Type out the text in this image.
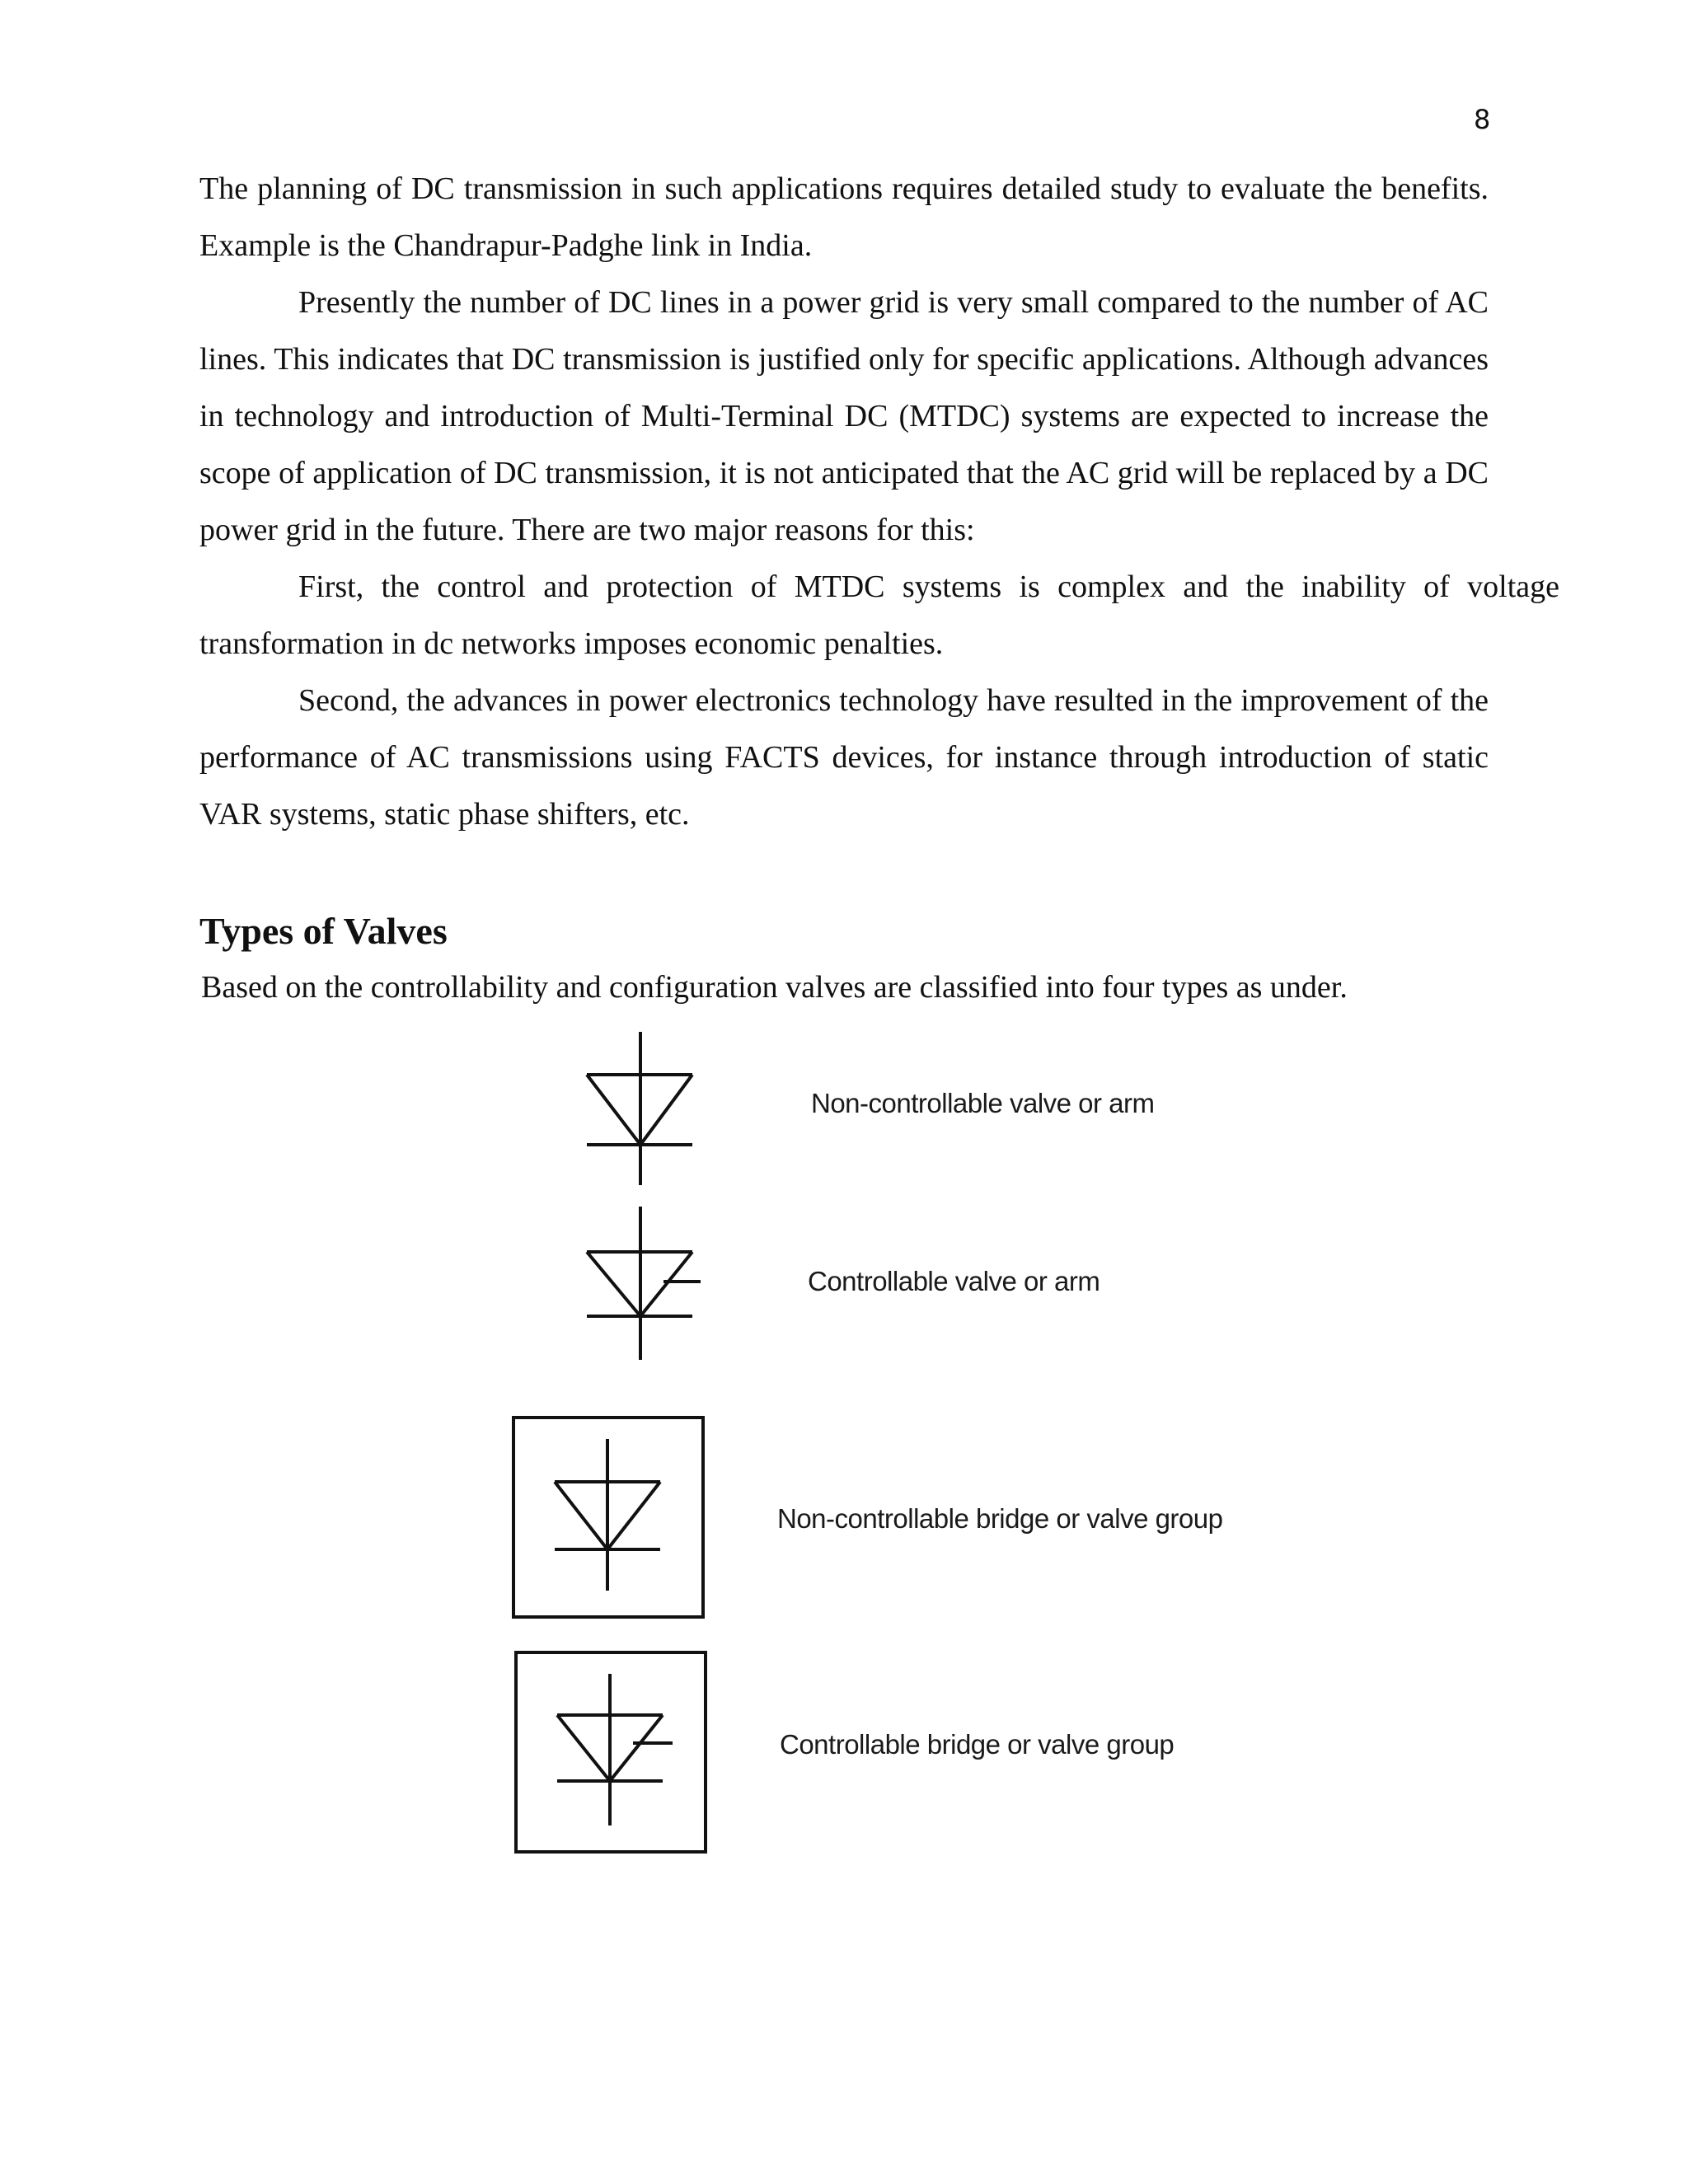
8

The planning of DC transmission in such applications requires detailed study to evaluate the benefits. Example is the Chandrapur-Padghe link in India.

Presently the number of DC lines in a power grid is very small compared to the number of AC lines. This indicates that DC transmission is justified only for specific applications. Although advances in technology and introduction of Multi-Terminal DC (MTDC) systems are expected to increase the scope of application of DC transmission, it is not anticipated that the AC grid will be replaced by a DC power grid in the future. There are two major reasons for this:

First, the control and protection of MTDC systems is complex and the inability of voltage transformation in dc networks imposes economic penalties.

Second, the advances in power electronics technology have resulted in the improvement of the performance of AC transmissions using FACTS devices, for instance through introduction of static VAR systems, static phase shifters, etc.

Types of Valves
Based on the controllability and configuration valves are classified into four types as under.
Non-controllable valve or arm
Controllable valve or arm
Non-controllable bridge or valve group
Controllable bridge or valve group
